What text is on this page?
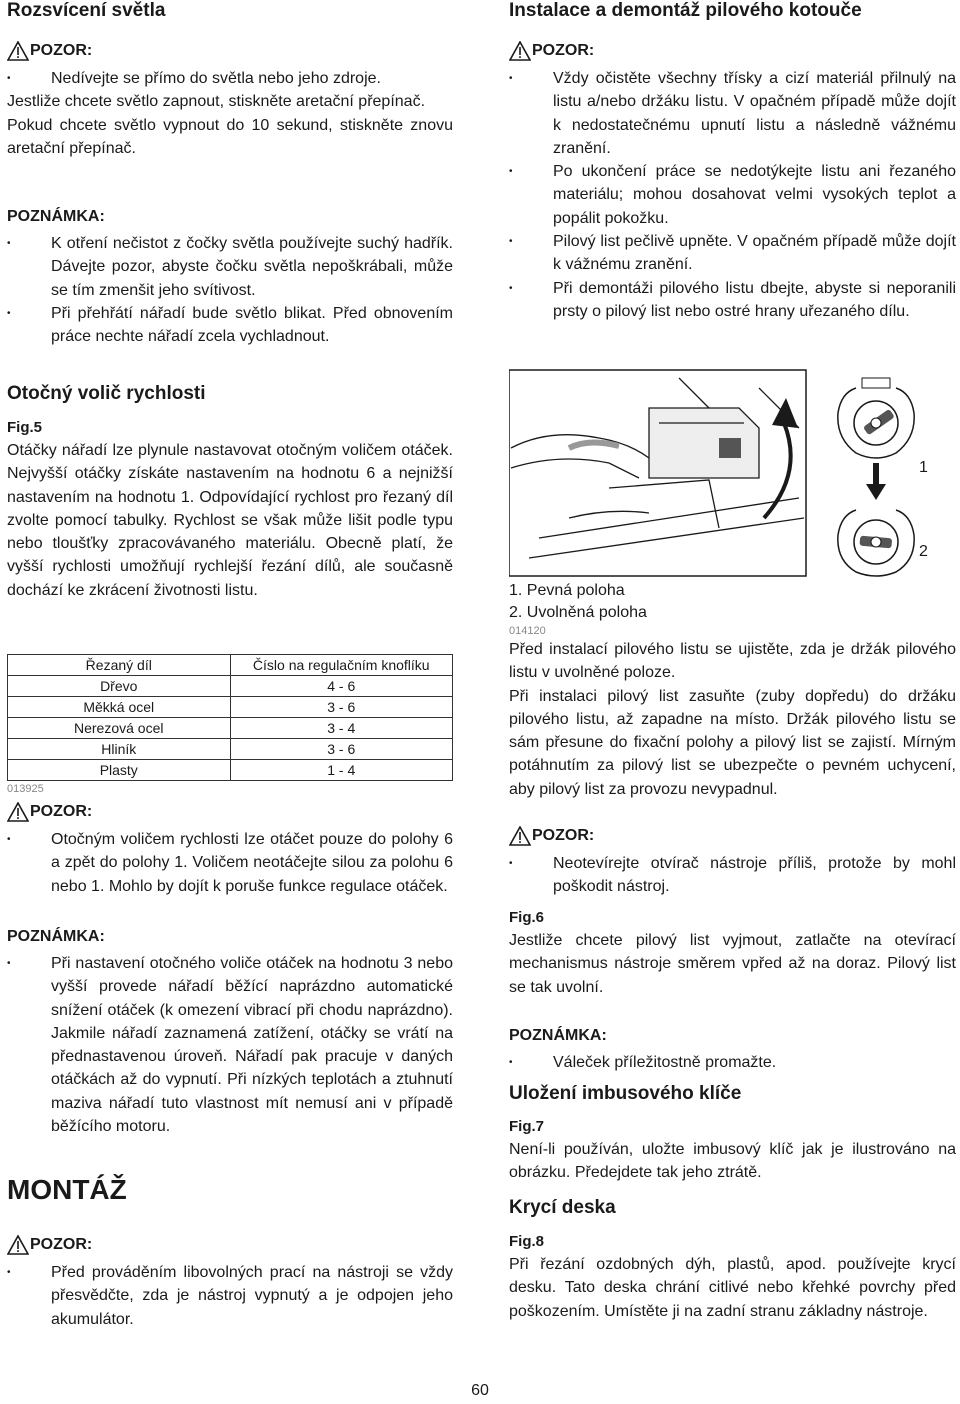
Rozsvícení světla
POZOR:
• Nedívejte se přímo do světla nebo jeho zdroje.

Jestliže chcete světlo zapnout, stiskněte aretační přepínač.

Pokud chcete světlo vypnout do 10 sekund, stiskněte znovu aretační přepínač.

POZNÁMKA:
• K otření nečistot z čočky světla používejte suchý hadřík. Dávejte pozor, abyste čočku světla nepoškrábali, může se tím zmenšit jeho svítivost.
• Při přehřátí nářadí bude světlo blikat. Před obnovením práce nechte nářadí zcela vychladnout.
Otočný volič rychlosti
Fig.5

Otáčky nářadí lze plynule nastavovat otočným voličem otáček. Nejvyšší otáčky získáte nastavením na hodnotu 6 a nejnižší nastavením na hodnotu 1. Odpovídající rychlost pro řezaný díl zvolte pomocí tabulky. Rychlost se však může lišit podle typu nebo tloušťky zpracovávaného materiálu. Obecně platí, že vyšší rychlosti umožňují rychlejší řezání dílů, ale současně dochází ke zkrácení životnosti listu.

Řezaný díl	Číslo na regulačním knoflíku
Dřevo	4 - 6
Měkká ocel	3 - 6
Nerezová ocel	3 - 4
Hliník	3 - 6
Plasty	1 - 4
013925
POZOR:
• Otočným voličem rychlosti lze otáčet pouze do polohy 6 a zpět do polohy 1. Voličem neotáčejte silou za polohu 6 nebo 1. Mohlo by dojít k poruše funkce regulace otáček.
POZNÁMKA:
• Při nastavení otočného voliče otáček na hodnotu 3 nebo vyšší provede nářadí běžící naprázdno automatické snížení otáček (k omezení vibrací při chodu naprázdno). Jakmile nářadí zaznamená zatížení, otáčky se vrátí na přednastavenou úroveň. Nářadí pak pracuje v daných otáčkách až do vypnutí. Při nízkých teplotách a ztuhnutí maziva nářadí tuto vlastnost mít nemusí ani v případě běžícího motoru.
MONTÁŽ
POZOR:
• Před prováděním libovolných prací na nástroji se vždy přesvědčte, zda je nástroj vypnutý a je odpojen jeho akumulátor.
Instalace a demontáž pilového kotouče
POZOR:
• Vždy očistěte všechny třísky a cizí materiál přilnulý na listu a/nebo držáku listu. V opačném případě může dojít k nedostatečnému upnutí listu a následně vážnému zranění.
• Po ukončení práce se nedotýkejte listu ani řezaného materiálu; mohou dosahovat velmi vysokých teplot a popálit pokožku.
• Pilový list pečlivě upněte. V opačném případě může dojít k vážnému zranění.
• Při demontáži pilového listu dbejte, abyste si neporanili prsty o pilový list nebo ostré hrany uřezaného dílu.
1
2

1. Pevná poloha

2. Uvolněná poloha

014120

Před instalací pilového listu se ujistěte, zda je držák pilového listu v uvolněné poloze.

Při instalaci pilový list zasuňte (zuby dopředu) do držáku pilového listu, až zapadne na místo. Držák pilového listu se sám přesune do fixační polohy a pilový list se zajistí. Mírným potáhnutím za pilový list se ubezpečte o pevném uchycení, aby pilový list za provozu nevypadnul.

POZOR:
• Neotevírejte otvírač nástroje příliš, protože by mohl poškodit nástroj.
Fig.6

Jestliže chcete pilový list vyjmout, zatlačte na otevírací mechanismus nástroje směrem vpřed až na doraz. Pilový list se tak uvolní.

POZNÁMKA:
• Váleček příležitostně promažte.
Uložení imbusového klíče
Fig.7

Není-li používán, uložte imbusový klíč jak je ilustrováno na obrázku. Předejdete tak jeho ztrátě.

Krycí deska
Fig.8

Při řezání ozdobných dýh, plastů, apod. používejte krycí desku. Tato deska chrání citlivé nebo křehké povrchy před poškozením. Umístěte ji na zadní stranu základny nástroje.

60
